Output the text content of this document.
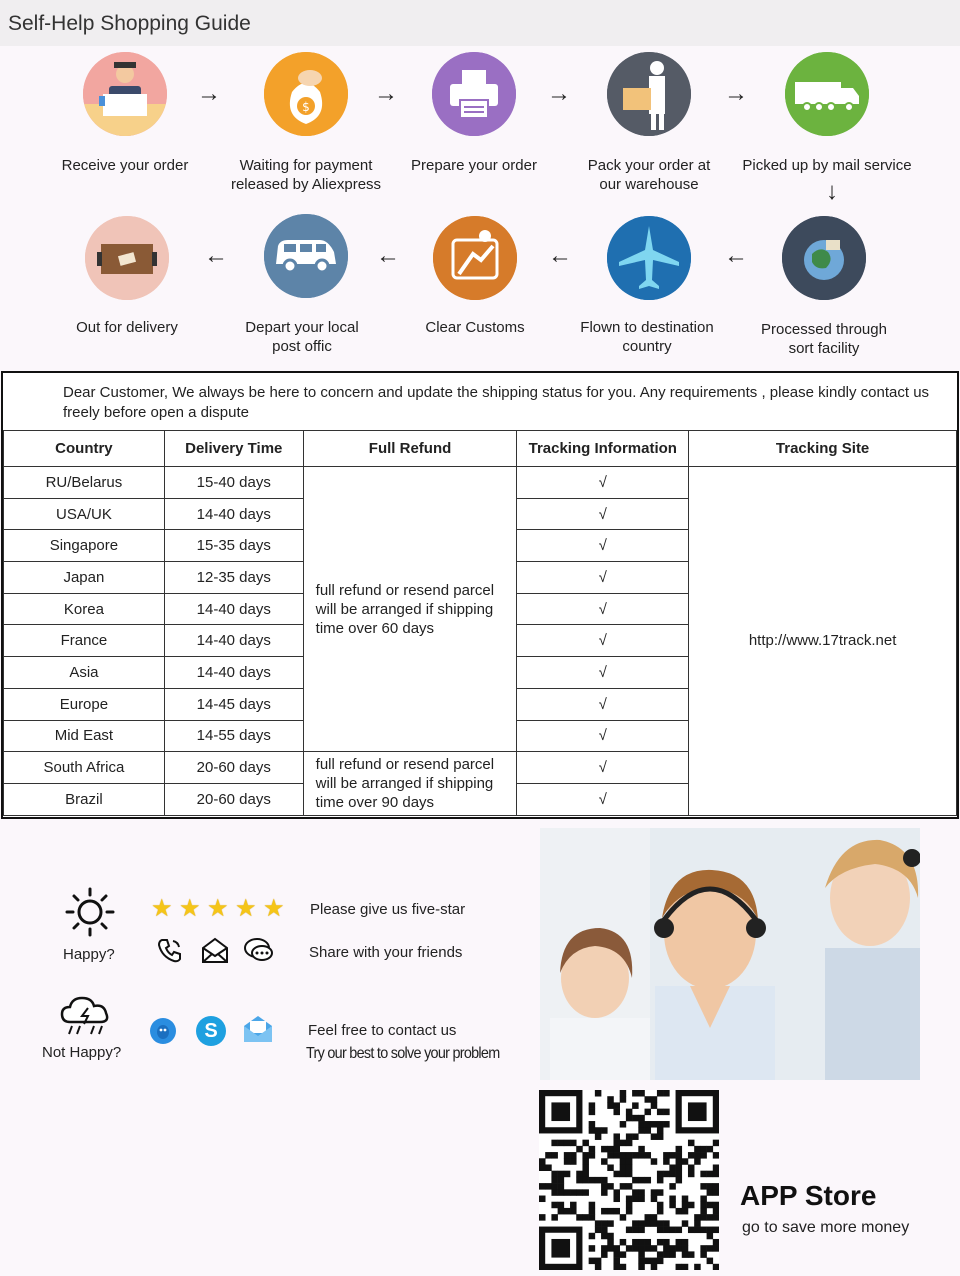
Self-Help Shopping Guide
Receive your order
→	$
Waiting for payment released by Aliexpress
→
Prepare your order
→
Pack your order at our warehouse
→
Picked up by mail service
↓
Out for delivery
←
Depart your local post offic
←
Clear Customs
←
Flown to destination country
←
Processed through sort facility
Dear Customer, We always be here to concern and update the shipping status for you. Any requirements , please kindly contact us freely before open a dispute
Country	Delivery Time	Full Refund	Tracking Information	Tracking Site
RU/Belarus	15-40 days	full refund or resend parcel will be arranged if shipping time over 60 days	√	http://www.17track.net
USA/UK	14-40 days		√	
Singapore	15-35 days		√	
Japan	12-35 days		√	
Korea	14-40 days		√	
France	14-40 days		√	
Asia	14-40 days		√	
Europe	14-45 days		√	
Mid East	14-55 days		√	
South Africa	20-60 days	full refund or resend parcel will be arranged if shipping time over 90 days	√	
Brazil	20-60 days		√	
Happy?
★ ★ ★ ★ ★ Please give us five-star
Share with your friends
Not Happy?
S	Feel free to contact us
Try our best to solve your problem
APP Store
go to save more money
